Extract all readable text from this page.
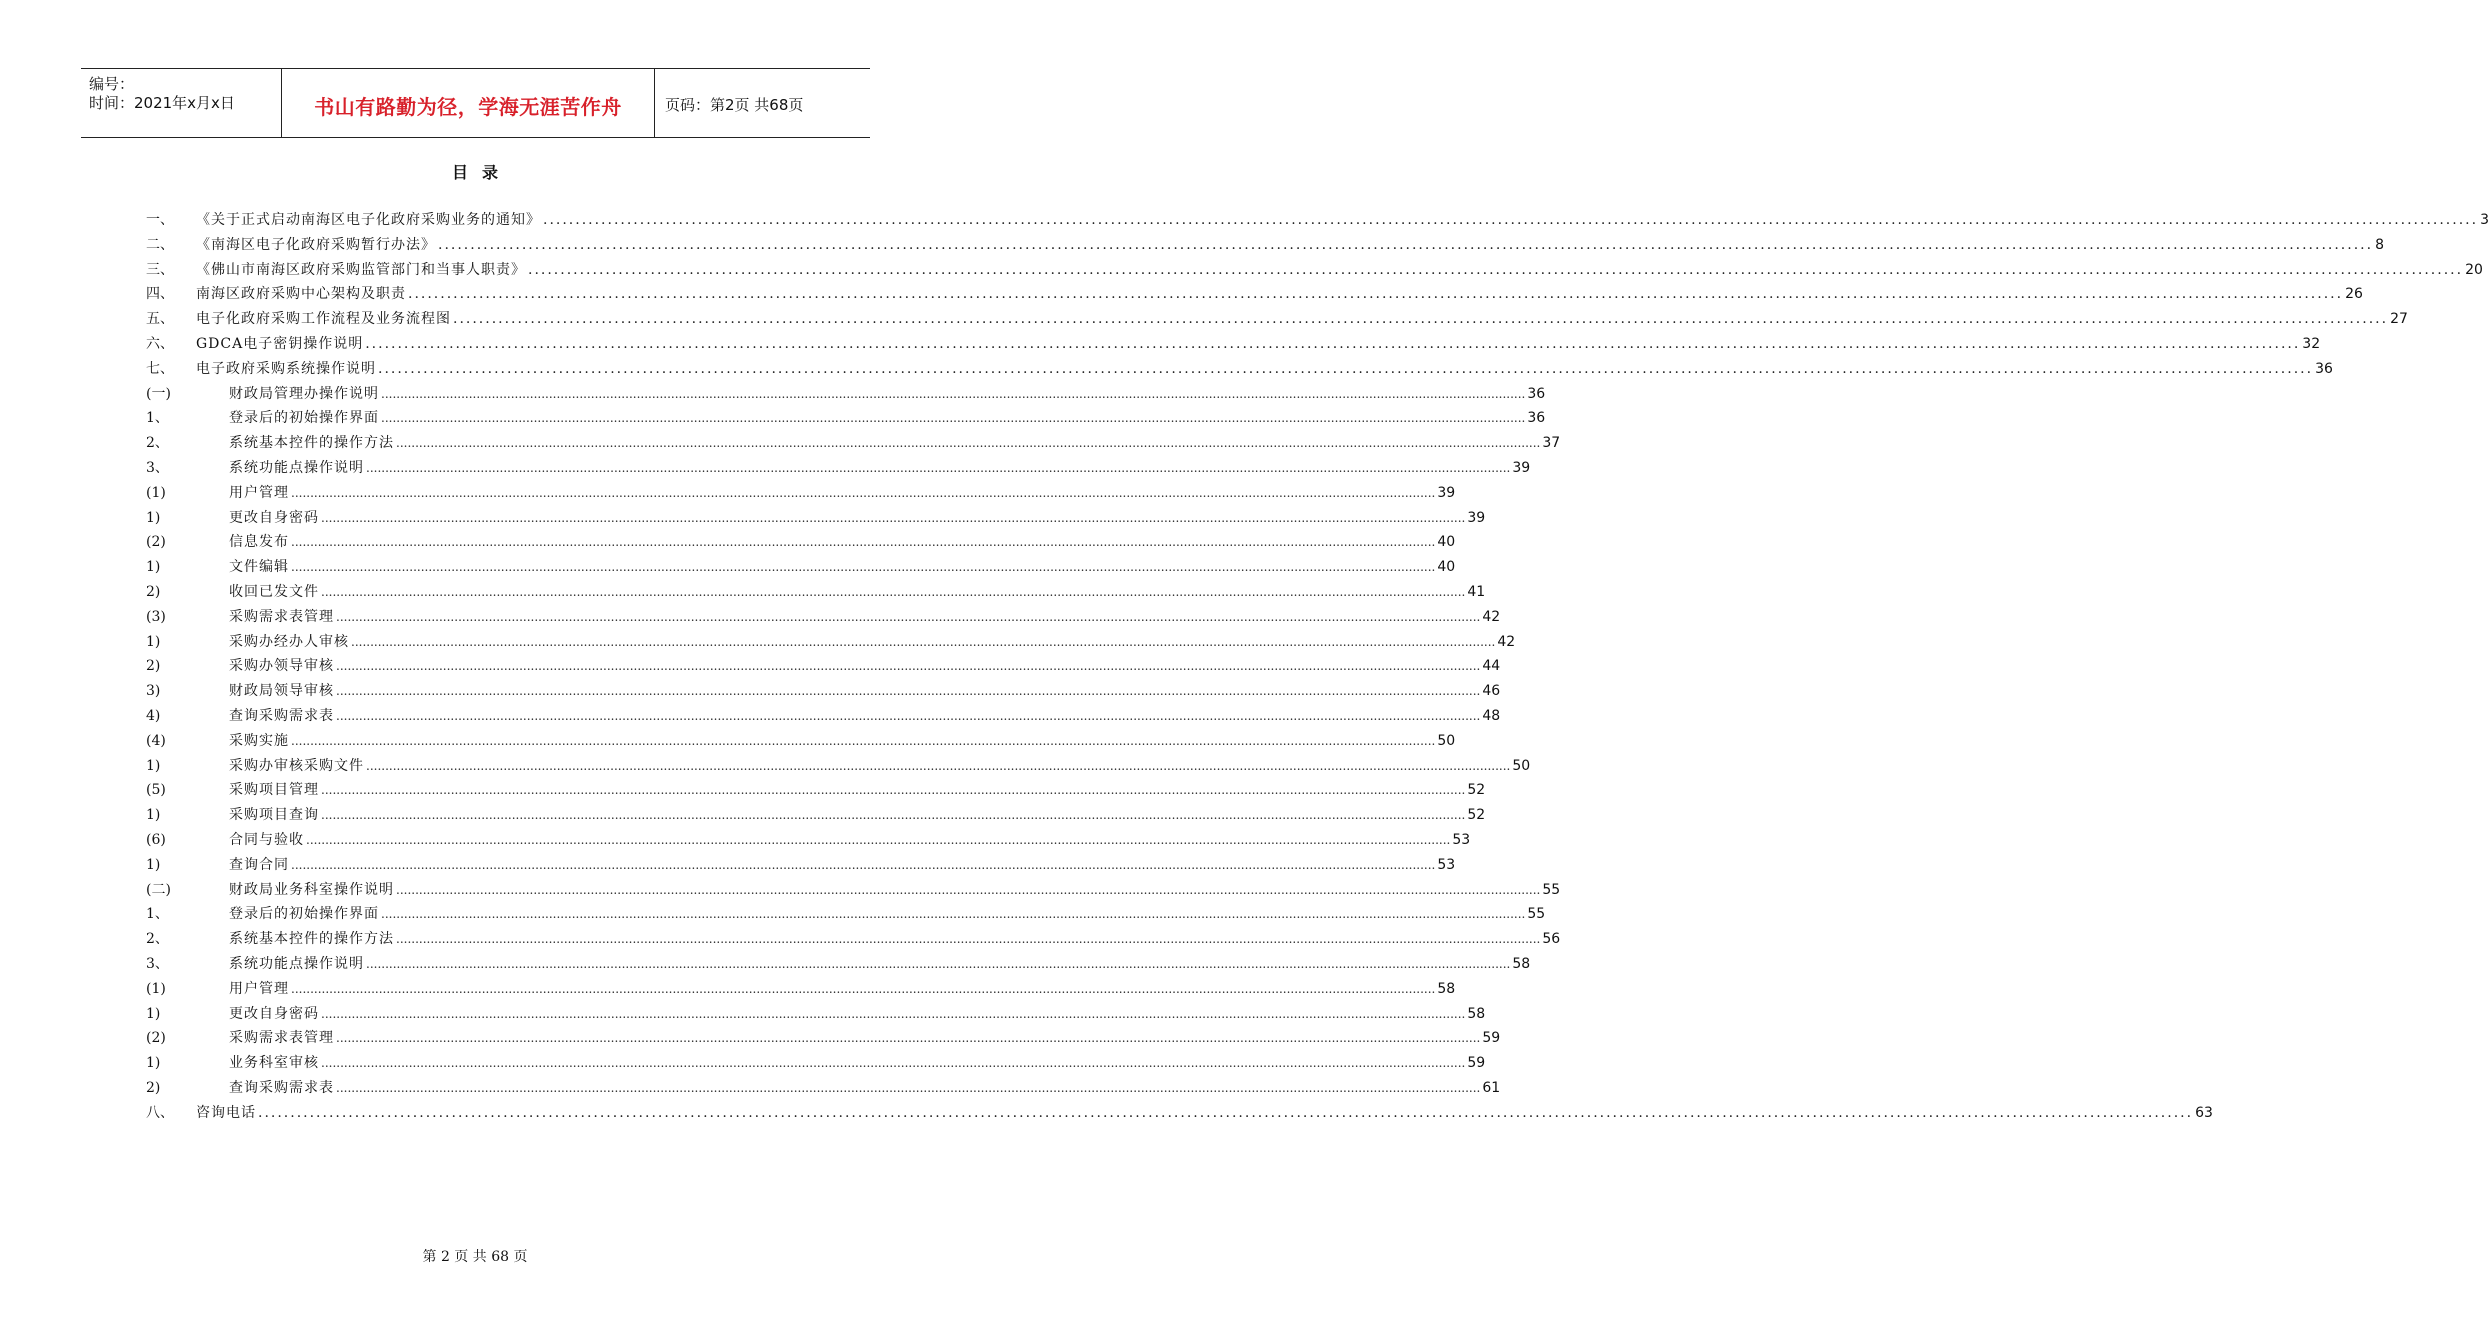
编号：
时间：2021年x月x日	书山有路勤为径，学海无涯苦作舟	页码：第2页 共68页
目录
一、 《关于正式启动南海区电子化政府采购业务的通知》 ............................................................................................................................................................................................................................................................................................................ 3
二、 《南海区电子化政府采购暂行办法》 ............................................................................................................................................................................................................................................................................................................ 8
三、 《佛山市南海区政府采购监管部门和当事人职责》 ............................................................................................................................................................................................................................................................................................................ 20
四、 南海区政府采购中心架构及职责 ............................................................................................................................................................................................................................................................................................................ 26
五、 电子化政府采购工作流程及业务流程图 ............................................................................................................................................................................................................................................................................................................ 27
六、 GDCA电子密钥操作说明 ............................................................................................................................................................................................................................................................................................................ 32
七、 电子政府采购系统操作说明 ............................................................................................................................................................................................................................................................................................................ 36
(一)	财政局管理办操作说明 ............................................................................................................................................................................................................................................................................................................ 36
1、	登录后的初始操作界面 ............................................................................................................................................................................................................................................................................................................ 36
2、	系统基本控件的操作方法 ............................................................................................................................................................................................................................................................................................................ 37
3、	系统功能点操作说明 ............................................................................................................................................................................................................................................................................................................ 39
(1)	用户管理 ............................................................................................................................................................................................................................................................................................................ 39
1)	更改自身密码 ............................................................................................................................................................................................................................................................................................................ 39
(2)	信息发布 ............................................................................................................................................................................................................................................................................................................ 40
1)	文件编辑 ............................................................................................................................................................................................................................................................................................................ 40
2)	收回已发文件 ............................................................................................................................................................................................................................................................................................................ 41
(3)	采购需求表管理 ............................................................................................................................................................................................................................................................................................................ 42
1)	采购办经办人审核 ............................................................................................................................................................................................................................................................................................................ 42
2)	采购办领导审核 ............................................................................................................................................................................................................................................................................................................ 44
3)	财政局领导审核 ............................................................................................................................................................................................................................................................................................................ 46
4)	查询采购需求表 ............................................................................................................................................................................................................................................................................................................ 48
(4)	采购实施 ............................................................................................................................................................................................................................................................................................................ 50
1)	采购办审核采购文件 ............................................................................................................................................................................................................................................................................................................ 50
(5)	采购项目管理 ............................................................................................................................................................................................................................................................................................................ 52
1)	采购项目查询 ............................................................................................................................................................................................................................................................................................................ 52
(6)	合同与验收 ............................................................................................................................................................................................................................................................................................................ 53
1)	查询合同 ............................................................................................................................................................................................................................................................................................................ 53
(二)	财政局业务科室操作说明 ............................................................................................................................................................................................................................................................................................................ 55
1、	登录后的初始操作界面 ............................................................................................................................................................................................................................................................................................................ 55
2、	系统基本控件的操作方法 ............................................................................................................................................................................................................................................................................................................ 56
3、	系统功能点操作说明 ............................................................................................................................................................................................................................................................................................................ 58
(1)	用户管理 ............................................................................................................................................................................................................................................................................................................ 58
1)	更改自身密码 ............................................................................................................................................................................................................................................................................................................ 58
(2)	采购需求表管理 ............................................................................................................................................................................................................................................................................................................ 59
1)	业务科室审核 ............................................................................................................................................................................................................................................................................................................ 59
2)	查询采购需求表 ............................................................................................................................................................................................................................................................................................................ 61
八、 咨询电话 ............................................................................................................................................................................................................................................................................................................ 63
第 2 页 共 68 页
